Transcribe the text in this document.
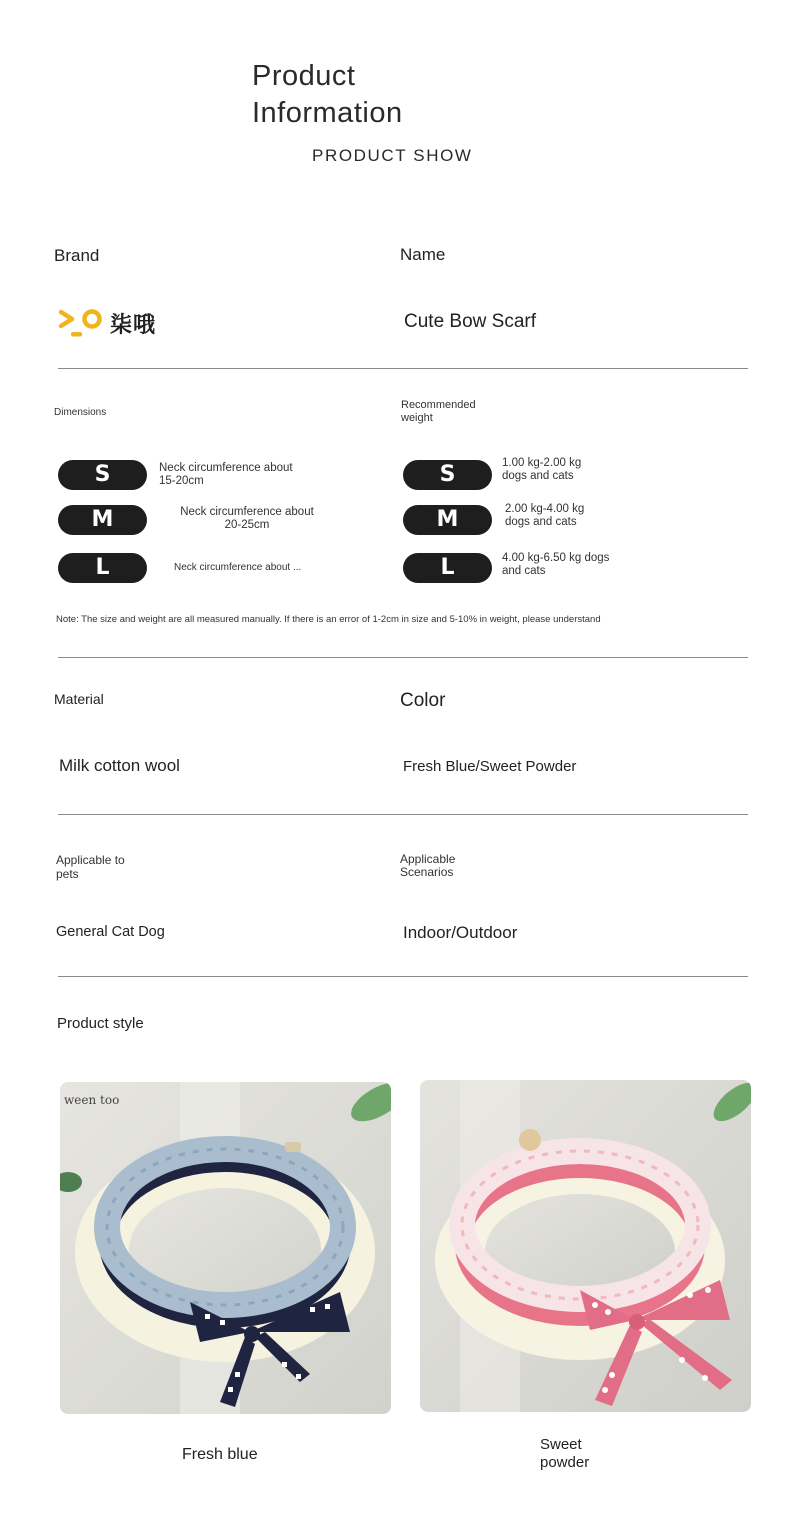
Product
Information
PRODUCT SHOW
Brand	Name
柒哦	Cute Bow Scarf
Dimensions
Recommended
weight
S	Neck circumference about 15-20cm
M	Neck circumference about
20-25cm
L	Neck circumference about ...
S	1.00 kg-2.00 kg
dogs and cats
M	2.00 kg-4.00 kg
dogs and cats
L	4.00 kg-6.50 kg dogs
and cats
Note: The size and weight are all measured manually. If there is an error of 1-2cm in size and 5-10% in weight, please understand
Material	Color
Milk cotton wool	Fresh Blue/Sweet Powder
Applicable to
pets
Applicable
Scenarios
General Cat Dog	Indoor/Outdoor
Product style
ween too
Fresh blue
Sweet
powder
